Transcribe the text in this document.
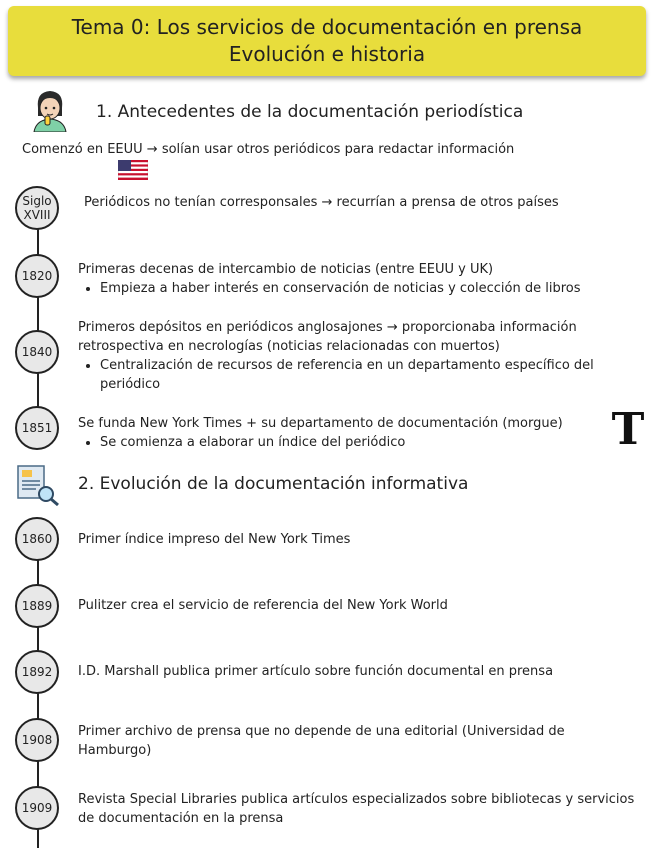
Tema 0: Los servicios de documentación en prensa
Evolución e historia
1. Antecedentes de la documentación periodística
Comenzó en EEUU → solían usar otros periódicos para redactar información
Siglo XVIII
Periódicos no tenían corresponsales → recurrían a prensa de otros países
1820 Primeras decenas de intercambio de noticias (entre EEUU y UK)
• Empieza a haber interés en conservación de noticias y colección de libros
1840
Primeros depósitos en periódicos anglosajones → proporcionaba información retrospectiva en necrologías (noticias relacionadas con muertos)
• Centralización de recursos de referencia en un departamento específico del periódico
1851 Se funda New York Times + su departamento de documentación (morgue)
• Se comienza a elaborar un índice del periódico	T
2. Evolución de la documentación informativa
1860 Primer índice impreso del New York Times
1889 Pulitzer crea el servicio de referencia del New York World
1892 I.D. Marshall publica primer artículo sobre función documental en prensa
1908
Primer archivo de prensa que no depende de una editorial (Universidad de Hamburgo)
1909
Revista Special Libraries publica artículos especializados sobre bibliotecas y servicios de documentación en la prensa
